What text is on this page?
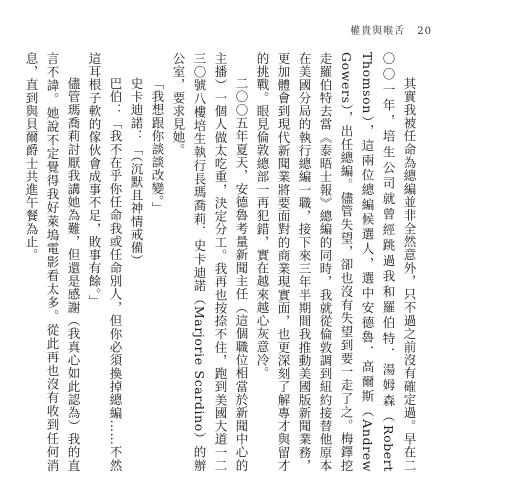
權貴與喉舌 20

其實我被任命為總編並非全然意外，只不過之前沒有確定過。早在二〇〇一年，培生公司就曾經跳過我和羅伯特．湯姆森（Robert Thomson），這兩位總編候選人，選中安德魯．高爾斯（Andrew Gowers），出任總編。儘管失望，卻也沒有失望到要一走了之。梅鐸挖走羅伯特去當《泰晤士報》總編的同時，我就從倫敦調到紐約接替他原本在美國分局的執行總編一職，接下來三年半期間我推動美國版新聞業務，更加體會到現代新聞業將要面對的商業現實面，也更深刻了解專才與留才的挑戰。眼見倫敦總部一再犯錯，實在越來越心灰意冷。

二〇〇五年夏天，安德魯考量新聞主任（這個職位相當於新聞中心的主播）一個人做太吃重，決定分工。我再也按捺不住，跑到美國大道一二三〇號八樓培生執行長瑪喬莉．史卡迪諾（Marjorie Scardino）的辦公室，要求見她。

「我想跟你談談改變。」

史卡迪諾：「（沉默且神情戒備）

巴伯：「我不在乎你任命我或任命別人，但你必須換掉總編……不然這耳根子軟的傢伙會成事不足，敗事有餘。」

儘管瑪喬莉討厭我講她為難，但還是感謝（我真心如此認為）我的直言不諱。她說不定覺得我好萊塢電影看太多。從此再也沒有收到任何消息，直到與貝爾爵士共進午餐為止。
